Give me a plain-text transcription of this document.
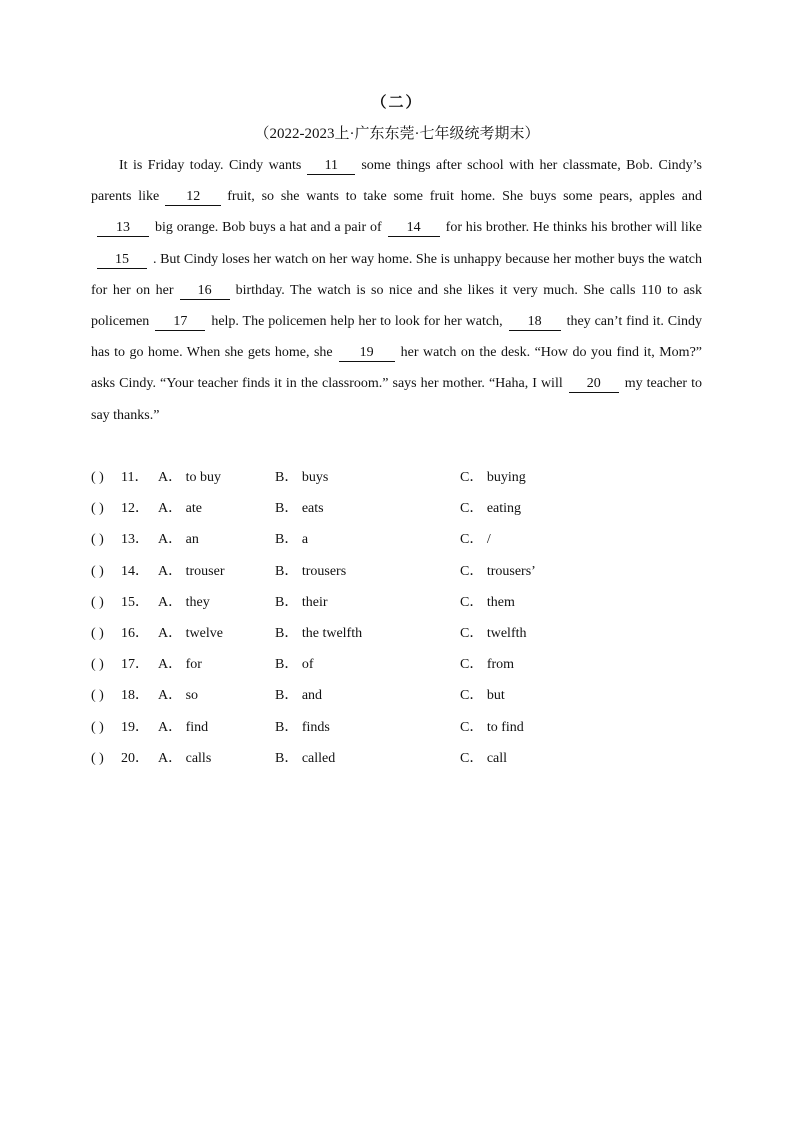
（二）
（2022-2023上·广东东莞·七年级统考期末）

It is Friday today. Cindy wants 11 some things after school with her classmate, Bob. Cindy’s parents like 12 fruit, so she wants to take some fruit home. She buys some pears, apples and13 big orange. Bob buys a hat and a pair of 14 for his brother. He thinks his brother will like15 . But Cindy loses her watch on her way home. She is unhappy because her mother buys the watch for her on her 16 birthday. The watch is so nice and she likes it very much. She calls 110 to ask policemen 17 help. The policemen help her to look for her watch, 18 they can’t find it. Cindy has to go home. When she gets home, she 19 her watch on the desk. “How do you find it, Mom?” asks Cindy. “Your teacher finds it in the classroom.” says her mother. “Haha, I will 20 my teacher to say thanks.”

( ) 11． A． to buy	B． buys	C． buying
( ) 12． A． ate	B． eats	C． eating
( ) 13． A． an	B． a	C． /
( ) 14． A． trouser	B． trousers	C． trousers’
( ) 15． A． they	B． their	C． them
( ) 16． A． twelve	B． the twelfth	C． twelfth
( ) 17． A． for	B． of	C． from
( ) 18． A． so	B． and	C． but
( ) 19． A． find	B． finds	C． to find
( ) 20． A． calls	B． called	C． call
